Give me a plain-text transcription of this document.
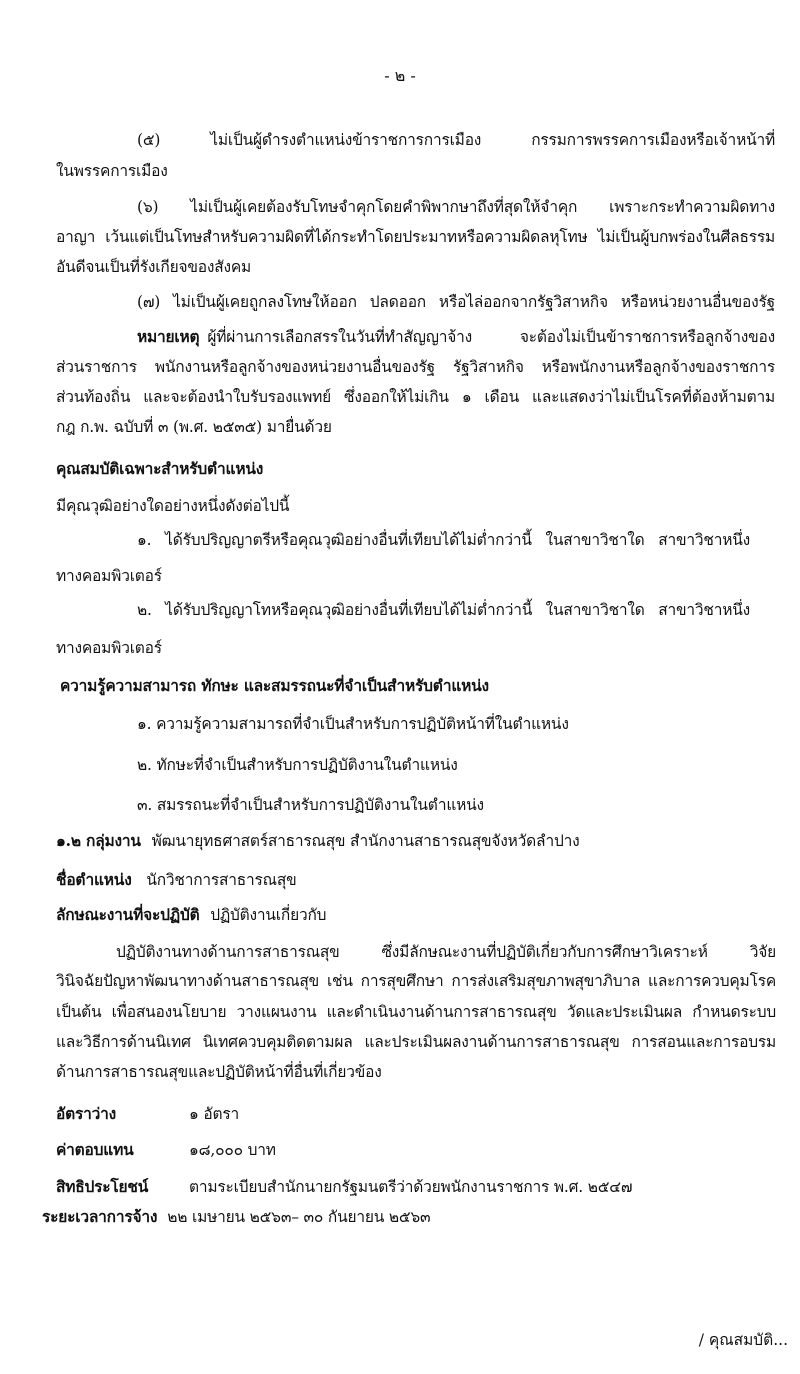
- ๒ -
(๕) ไม่เป็นผู้ดำรงตำแหน่งข้าราชการการเมือง กรรมการพรรคการเมืองหรือเจ้าหน้าที่
ในพรรคการเมือง
(๖) ไม่เป็นผู้เคยต้องรับโทษจำคุกโดยคำพิพากษาถึงที่สุดให้จำคุก เพราะกระทำความผิดทาง
อาญา เว้นแต่เป็นโทษสำหรับความผิดที่ได้กระทำโดยประมาทหรือความผิดลหุโทษ ไม่เป็นผู้บกพร่องในศีลธรรม
อันดีจนเป็นที่รังเกียจของสังคม
(๗) ไม่เป็นผู้เคยถูกลงโทษให้ออก ปลดออก หรือไล่ออกจากรัฐวิสาหกิจ หรือหน่วยงานอื่นของรัฐ
หมายเหตุ ผู้ที่ผ่านการเลือกสรรในวันที่ทำสัญญาจ้าง จะต้องไม่เป็นข้าราชการหรือลูกจ้างของ
ส่วนราชการ พนักงานหรือลูกจ้างของหน่วยงานอื่นของรัฐ รัฐวิสาหกิจ หรือพนักงานหรือลูกจ้างของราชการ
ส่วนท้องถิ่น และจะต้องนำใบรับรองแพทย์ ซึ่งออกให้ไม่เกิน ๑ เดือน และแสดงว่าไม่เป็นโรคที่ต้องห้ามตาม
กฎ ก.พ. ฉบับที่ ๓ (พ.ศ. ๒๕๓๕) มายื่นด้วย
คุณสมบัติเฉพาะสำหรับตำแหน่ง
มีคุณวุฒิอย่างใดอย่างหนึ่งดังต่อไปนี้
๑. ได้รับปริญญาตรีหรือคุณวุฒิอย่างอื่นที่เทียบได้ไม่ต่ำกว่านี้ ในสาขาวิชาใด สาขาวิชาหนึ่ง
ทางคอมพิวเตอร์
๒. ได้รับปริญญาโทหรือคุณวุฒิอย่างอื่นที่เทียบได้ไม่ต่ำกว่านี้ ในสาขาวิชาใด สาขาวิชาหนึ่ง
ทางคอมพิวเตอร์
ความรู้ความสามารถ ทักษะ และสมรรถนะที่จำเป็นสำหรับตำแหน่ง
๑. ความรู้ความสามารถที่จำเป็นสำหรับการปฏิบัติหน้าที่ในตำแหน่ง
๒. ทักษะที่จำเป็นสำหรับการปฏิบัติงานในตำแหน่ง
๓. สมรรถนะที่จำเป็นสำหรับการปฏิบัติงานในตำแหน่ง
๑.๒ กลุ่มงาน พัฒนายุทธศาสตร์สาธารณสุข สำนักงานสาธารณสุขจังหวัดลำปาง
ชื่อตำแหน่ง นักวิชาการสาธารณสุข
ลักษณะงานที่จะปฏิบัติ ปฏิบัติงานเกี่ยวกับ
ปฏิบัติงานทางด้านการสาธารณสุข ซึ่งมีลักษณะงานที่ปฏิบัติเกี่ยวกับการศึกษาวิเคราะห์ วิจัย
วินิจฉัยปัญหาพัฒนาทางด้านสาธารณสุข เช่น การสุขศึกษา การส่งเสริมสุขภาพสุขาภิบาล และการควบคุมโรค
เป็นต้น เพื่อสนองนโยบาย วางแผนงาน และดำเนินงานด้านการสาธารณสุข วัดและประเมินผล กำหนดระบบ
และวิธีการด้านนิเทศ นิเทศควบคุมติดตามผล และประเมินผลงานด้านการสาธารณสุข การสอนและการอบรม
ด้านการสาธารณสุขและปฏิบัติหน้าที่อื่นที่เกี่ยวข้อง
อัตราว่าง	๑ อัตรา
ค่าตอบแทน	๑๘,๐๐๐ บาท
สิทธิประโยชน์	ตามระเบียบสำนักนายกรัฐมนตรีว่าด้วยพนักงานราชการ พ.ศ. ๒๕๔๗
ระยะเวลาการจ้าง ๒๒ เมษายน ๒๕๖๓– ๓๐ กันยายน ๒๕๖๓
/ คุณสมบัติ...
